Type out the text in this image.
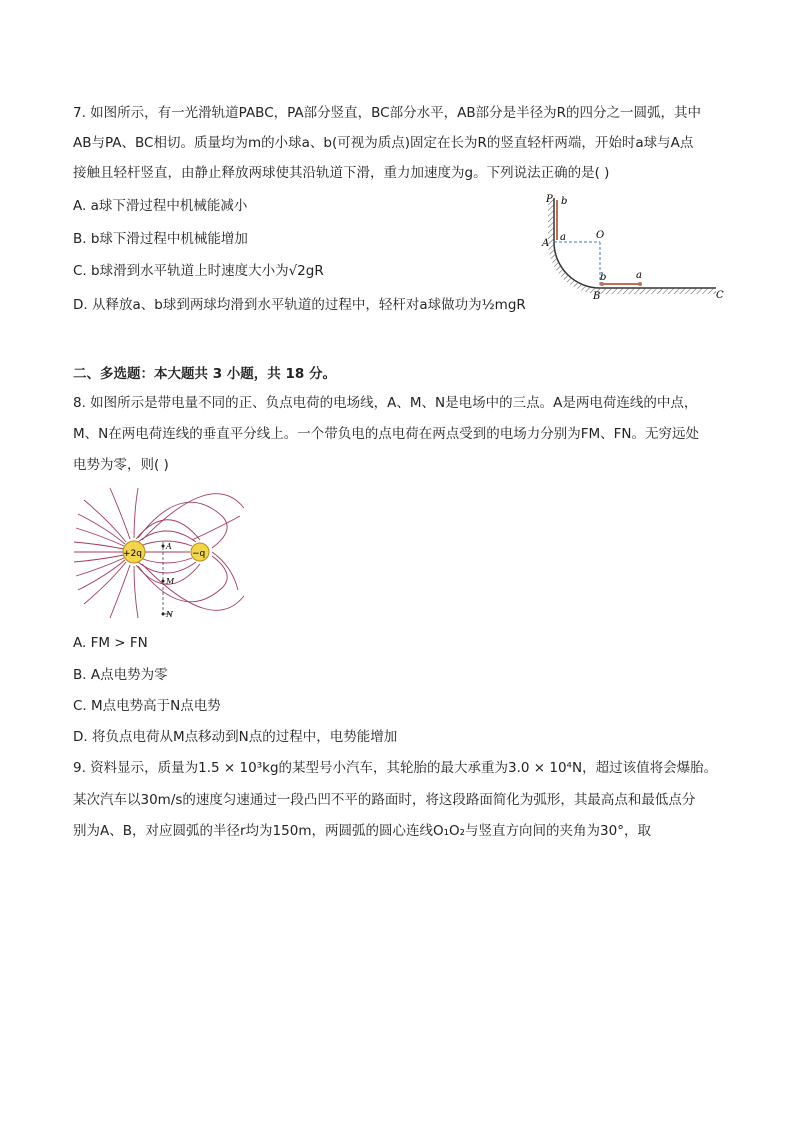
7. 如图所示，有一光滑轨道PABC，PA部分竖直，BC部分水平，AB部分是半径为R的四分之一圆弧，其中
AB与PA、BC相切。质量均为m的小球a、b(可视为质点)固定在长为R的竖直轻杆两端，开始时a球与A点
接触且轻杆竖直，由静止释放两球使其沿轨道下滑，重力加速度为g。下列说法正确的是( )
A. a球下滑过程中机械能减小
B. b球下滑过程中机械能增加
C. b球滑到水平轨道上时速度大小为√2gR
D. 从释放a、b球到两球均滑到水平轨道的过程中，轻杆对a球做功为½mgR
P b
A
a	O
B
b	a
C
二、多选题：本大题共 3 小题，共 18 分。
8. 如图所示是带电量不同的正、负点电荷的电场线，A、M、N是电场中的三点。A是两电荷连线的中点，
M、N在两电荷连线的垂直平分线上。一个带负电的点电荷在两点受到的电场力分别为FM、FN。无穷远处
电势为零，则( )
+2q	−q
A
M
N
A. FM > FN
B. A点电势为零
C. M点电势高于N点电势
D. 将负点电荷从M点移动到N点的过程中，电势能增加
9. 资料显示，质量为1.5 × 10³kg的某型号小汽车，其轮胎的最大承重为3.0 × 10⁴N，超过该值将会爆胎。
某次汽车以30m/s的速度匀速通过一段凸凹不平的路面时，将这段路面简化为弧形，其最高点和最低点分
别为A、B，对应圆弧的半径r均为150m，两圆弧的圆心连线O₁O₂与竖直方向间的夹角为30°，取
